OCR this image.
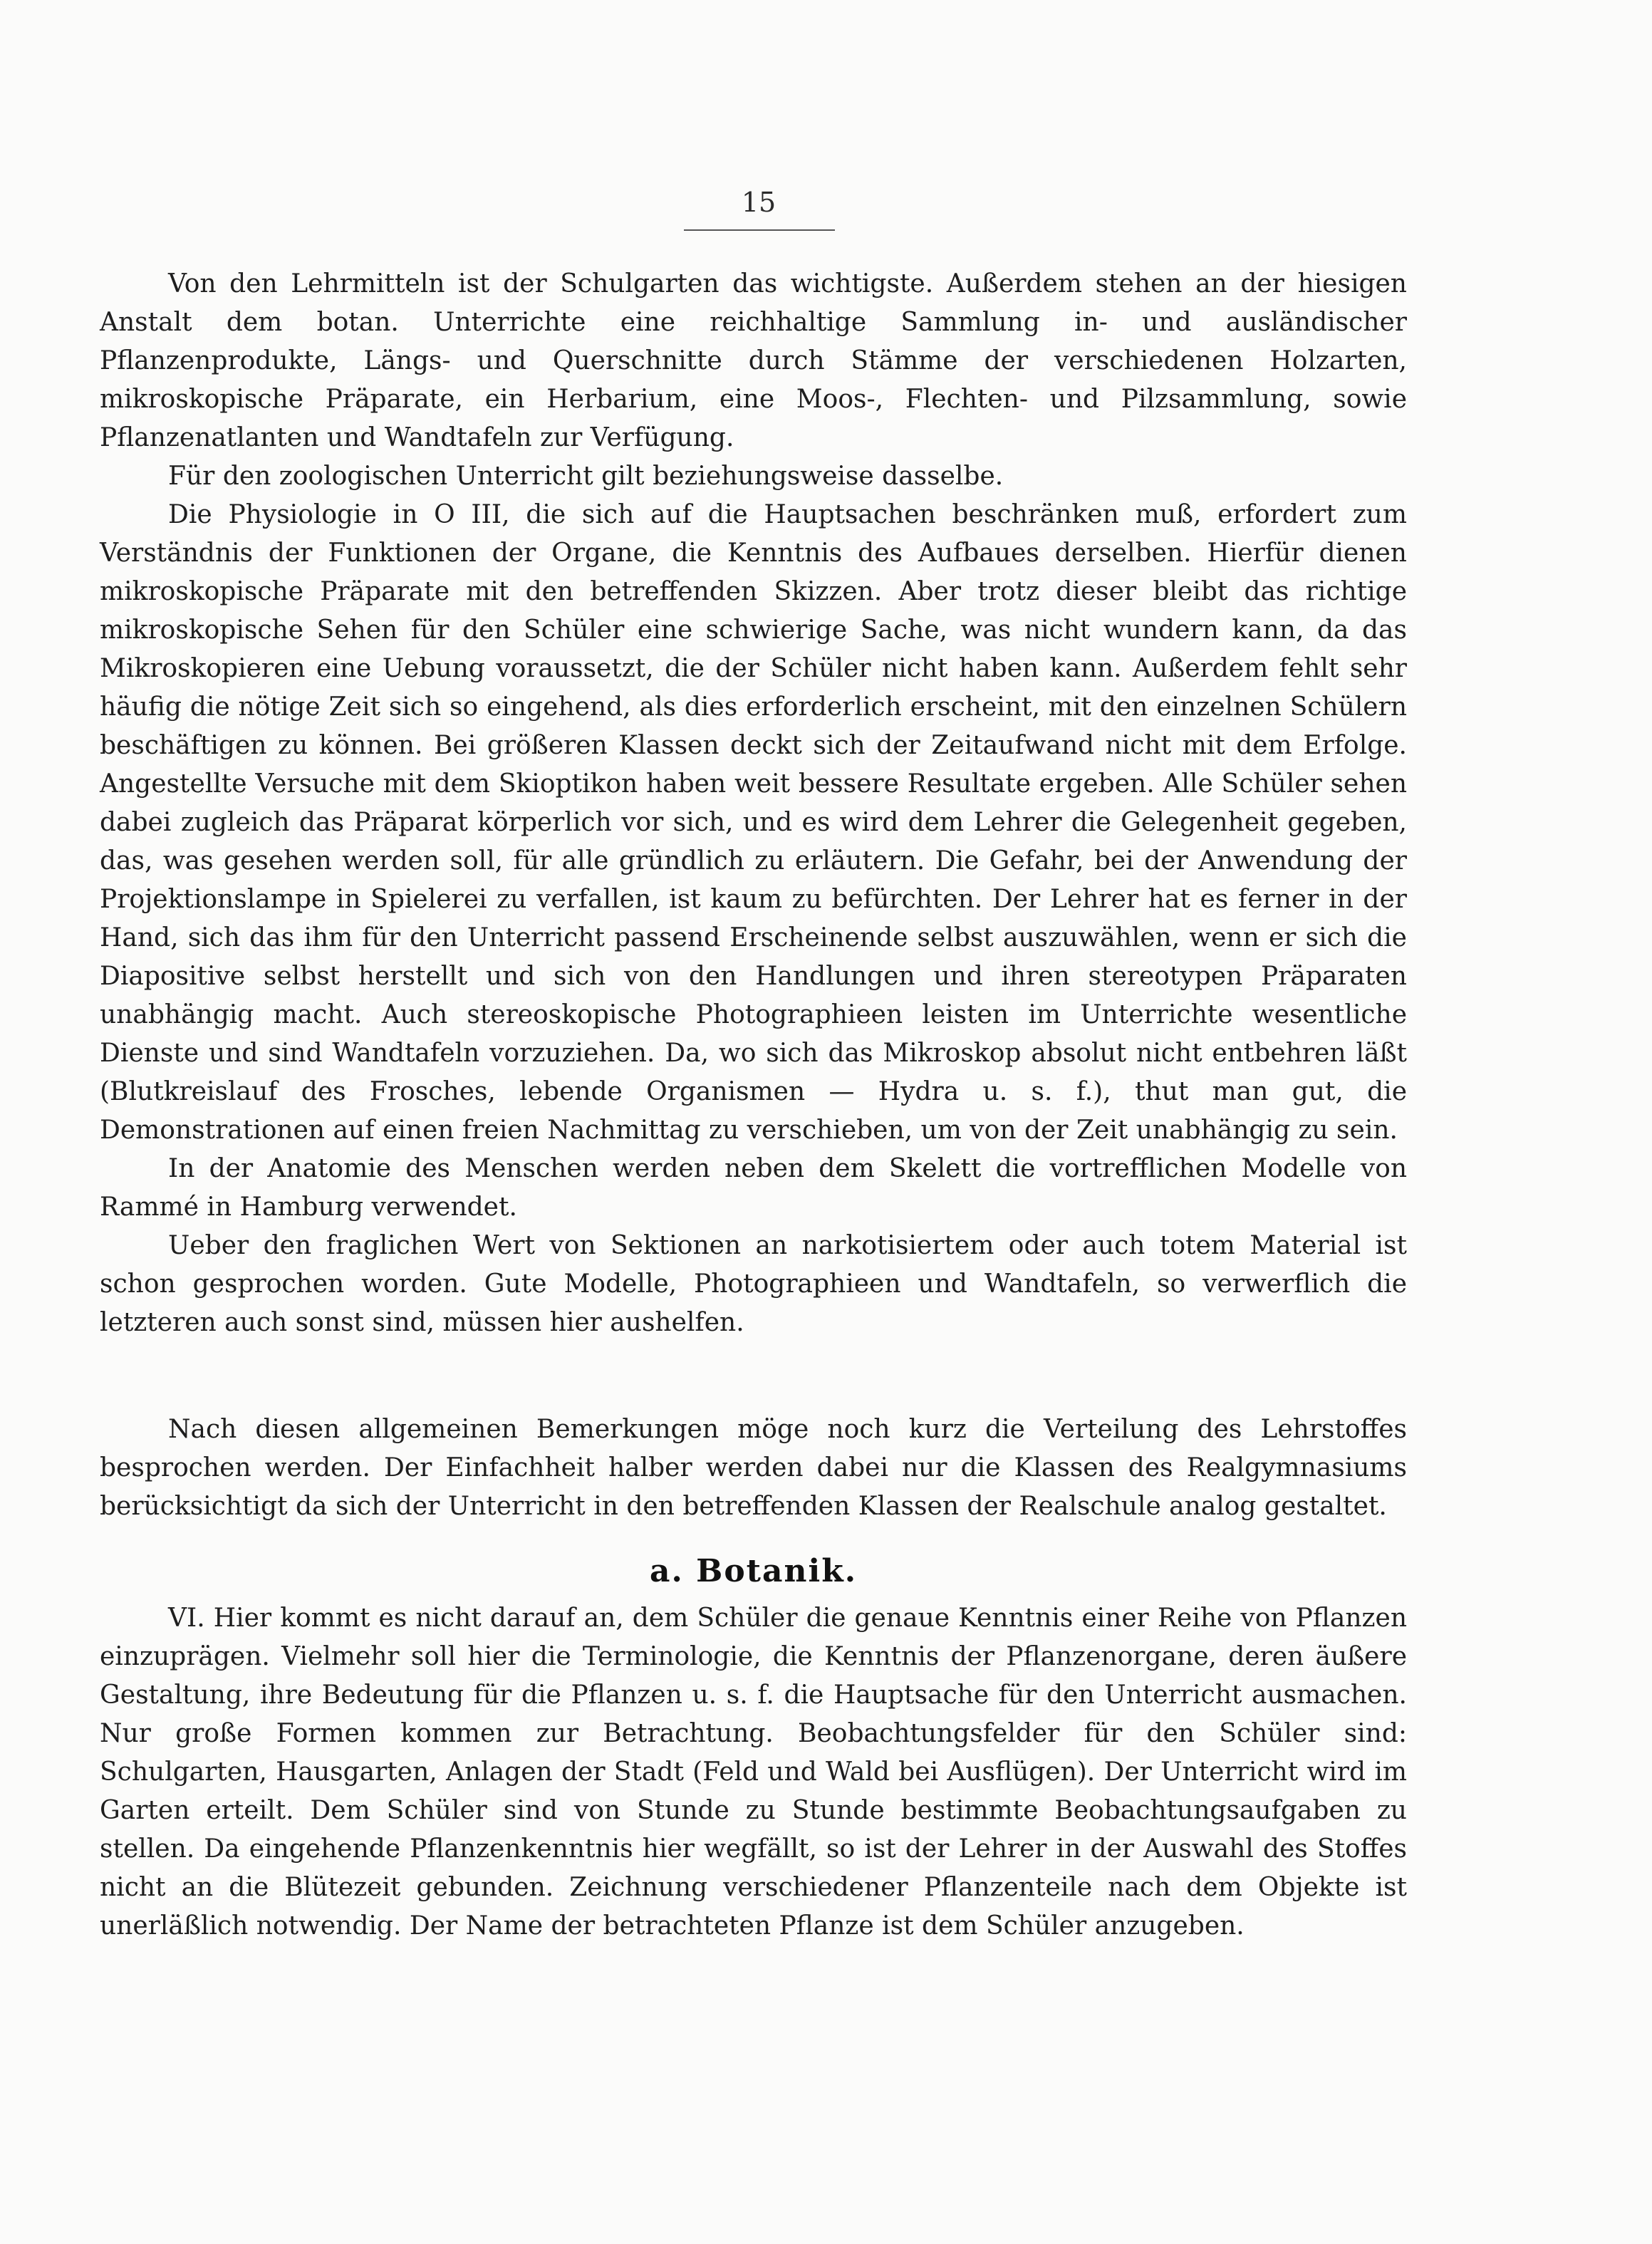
15

Von den Lehrmitteln ist der Schulgarten das wichtigste. Außerdem stehen an der hiesigen Anstalt dem botan. Unterrichte eine reichhaltige Sammlung in- und ausländischer Pflanzenprodukte, Längs- und Querschnitte durch Stämme der verschiedenen Holzarten, mikroskopische Präparate, ein Herbarium, eine Moos-, Flechten- und Pilzsammlung, sowie Pflanzenatlanten und Wandtafeln zur Verfügung.

Für den zoologischen Unterricht gilt beziehungsweise dasselbe.

Die Physiologie in O III, die sich auf die Hauptsachen beschränken muß, erfordert zum Verständnis der Funktionen der Organe, die Kenntnis des Aufbaues derselben. Hierfür dienen mikroskopische Präparate mit den betreffenden Skizzen. Aber trotz dieser bleibt das richtige mikroskopische Sehen für den Schüler eine schwierige Sache, was nicht wundern kann, da das Mikroskopieren eine Uebung voraussetzt, die der Schüler nicht haben kann. Außerdem fehlt sehr häufig die nötige Zeit sich so eingehend, als dies erforderlich erscheint, mit den einzelnen Schülern beschäftigen zu können. Bei größeren Klassen deckt sich der Zeitaufwand nicht mit dem Erfolge. Angestellte Versuche mit dem Skioptikon haben weit bessere Resultate ergeben. Alle Schüler sehen dabei zugleich das Präparat körperlich vor sich, und es wird dem Lehrer die Gelegenheit gegeben, das, was gesehen werden soll, für alle gründlich zu erläutern. Die Gefahr, bei der Anwendung der Projektionslampe in Spielerei zu verfallen, ist kaum zu befürchten. Der Lehrer hat es ferner in der Hand, sich das ihm für den Unterricht passend Erscheinende selbst auszuwählen, wenn er sich die Diapositive selbst herstellt und sich von den Handlungen und ihren stereotypen Präparaten unabhängig macht. Auch stereoskopische Photographieen leisten im Unterrichte wesentliche Dienste und sind Wandtafeln vorzuziehen. Da, wo sich das Mikroskop absolut nicht entbehren läßt (Blutkreislauf des Frosches, lebende Organismen — Hydra u. s. f.), thut man gut, die Demonstrationen auf einen freien Nachmittag zu verschieben, um von der Zeit unabhängig zu sein.

In der Anatomie des Menschen werden neben dem Skelett die vortrefflichen Modelle von Rammé in Hamburg verwendet.

Ueber den fraglichen Wert von Sektionen an narkotisiertem oder auch totem Material ist schon gesprochen worden. Gute Modelle, Photographieen und Wandtafeln, so verwerflich die letzteren auch sonst sind, müssen hier aushelfen.

Nach diesen allgemeinen Bemerkungen möge noch kurz die Verteilung des Lehrstoffes besprochen werden. Der Einfachheit halber werden dabei nur die Klassen des Realgymnasiums berücksichtigt da sich der Unterricht in den betreffenden Klassen der Realschule analog gestaltet.

a. Botanik.

VI. Hier kommt es nicht darauf an, dem Schüler die genaue Kenntnis einer Reihe von Pflanzen einzuprägen. Vielmehr soll hier die Terminologie, die Kenntnis der Pflanzenorgane, deren äußere Gestaltung, ihre Bedeutung für die Pflanzen u. s. f. die Hauptsache für den Unterricht ausmachen. Nur große Formen kommen zur Betrachtung. Beobachtungsfelder für den Schüler sind: Schulgarten, Hausgarten, Anlagen der Stadt (Feld und Wald bei Ausflügen). Der Unterricht wird im Garten erteilt. Dem Schüler sind von Stunde zu Stunde bestimmte Beobachtungsaufgaben zu stellen. Da eingehende Pflanzenkenntnis hier wegfällt, so ist der Lehrer in der Auswahl des Stoffes nicht an die Blütezeit gebunden. Zeichnung verschiedener Pflanzenteile nach dem Objekte ist unerläßlich notwendig. Der Name der betrachteten Pflanze ist dem Schüler anzugeben.
